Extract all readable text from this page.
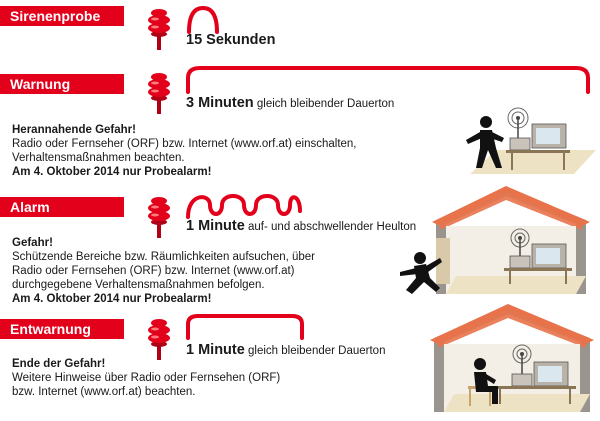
Sirenenprobe
15 Sekunden
Warnung
3 Minuten gleich bleibender Dauerton
Herannahende Gefahr!
Radio oder Fernseher (ORF) bzw. Internet (www.orf.at) einschalten,
Verhaltensmaßnahmen beachten.
Am 4. Oktober 2014 nur Probealarm!
Alarm
1 Minute auf- und abschwellender Heulton
Gefahr!
Schützende Bereiche bzw. Räumlichkeiten aufsuchen, über
Radio oder Fernsehen (ORF) bzw. Internet (www.orf.at)
durchgegebene Verhaltensmaßnahmen befolgen.
Am 4. Oktober 2014 nur Probealarm!
Entwarnung
1 Minute gleich bleibender Dauerton
Ende der Gefahr!
Weitere Hinweise über Radio oder Fernsehen (ORF)
bzw. Internet (www.orf.at) beachten.
